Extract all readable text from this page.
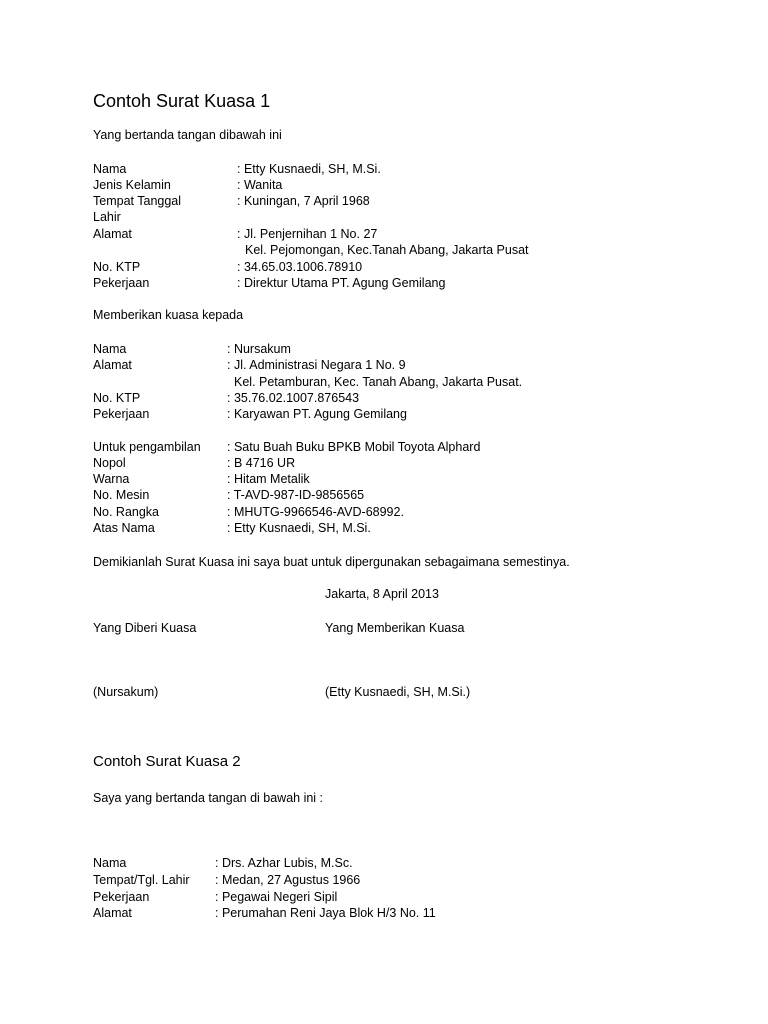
Contoh Surat Kuasa 1
Yang bertanda tangan dibawah ini
Nama	: Etty Kusnaedi, SH, M.Si.
Jenis Kelamin	: Wanita
Tempat Tanggal	: Kuningan, 7 April 1968
Lahir
Alamat	: Jl. Penjernihan 1 No. 27
Kel. Pejomongan, Kec.Tanah Abang, Jakarta Pusat
No. KTP	: 34.65.03.1006.78910
Pekerjaan	: Direktur Utama PT. Agung Gemilang
Memberikan kuasa kepada
Nama	: Nursakum
Alamat	: Jl. Administrasi Negara 1 No. 9
Kel. Petamburan, Kec. Tanah Abang, Jakarta Pusat.
No. KTP	: 35.76.02.1007.876543
Pekerjaan	: Karyawan PT. Agung Gemilang
Untuk pengambilan : Satu Buah Buku BPKB Mobil Toyota Alphard
Nopol	: B 4716 UR
Warna	: Hitam Metalik
No. Mesin	: T-AVD-987-ID-9856565
No. Rangka	: MHUTG-9966546-AVD-68992.
Atas Nama	: Etty Kusnaedi, SH, M.Si.
Demikianlah Surat Kuasa ini saya buat untuk dipergunakan sebagaimana semestinya.
Jakarta, 8 April 2013
Yang Diberi Kuasa	Yang Memberikan Kuasa
(Nursakum)	(Etty Kusnaedi, SH, M.Si.)
Contoh Surat Kuasa 2
Saya yang bertanda tangan di bawah ini :
Nama	: Drs. Azhar Lubis, M.Sc.
Tempat/Tgl. Lahir : Medan, 27 Agustus 1966
Pekerjaan	: Pegawai Negeri Sipil
Alamat	: Perumahan Reni Jaya Blok H/3 No. 11
